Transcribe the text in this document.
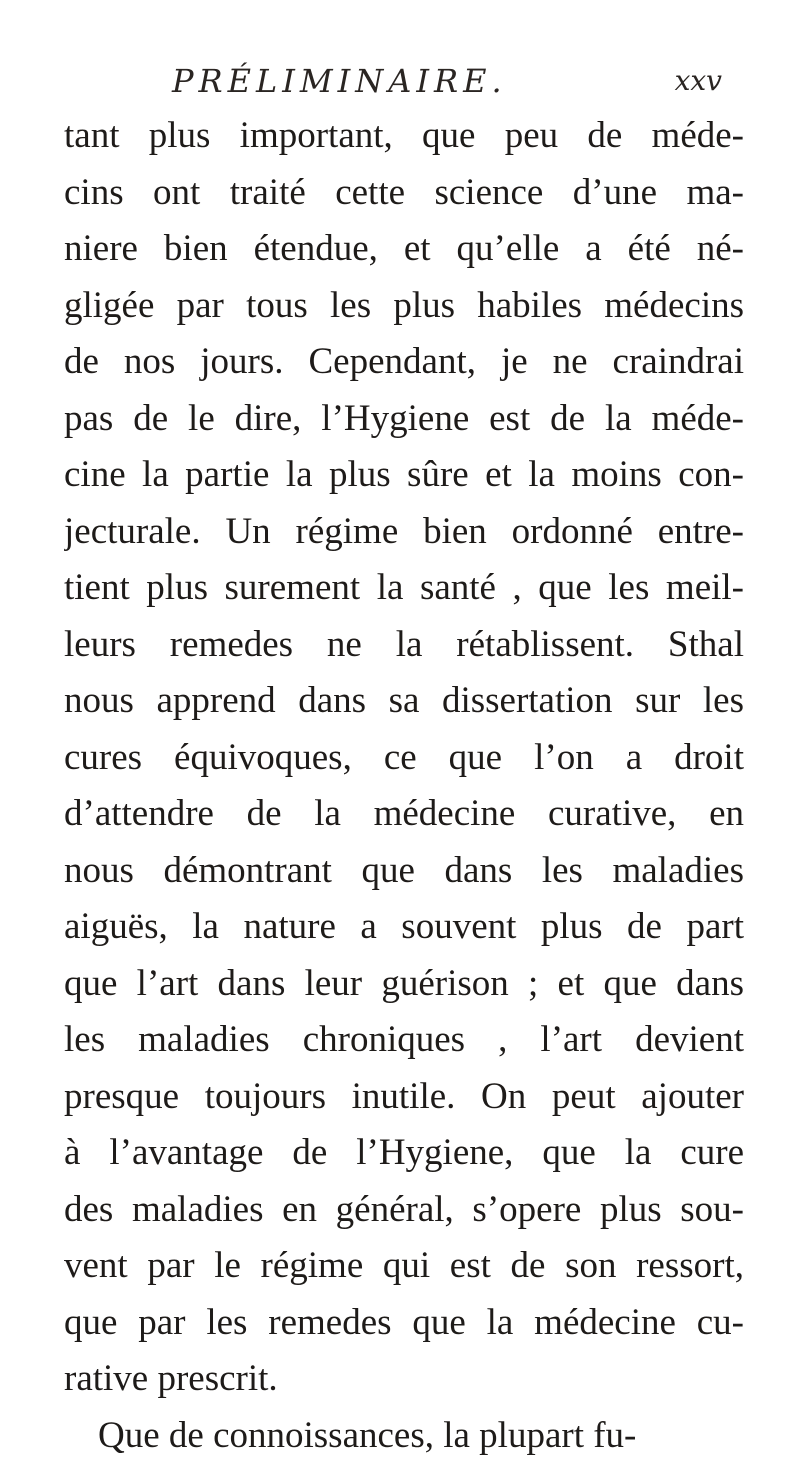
PRÉLIMINAIRE.	xxv
tant plus important, que peu de méde-
cins ont traité cette science d’une ma-
niere bien étendue, et qu’elle a été né-
gligée par tous les plus habiles médecins
de nos jours. Cependant, je ne craindrai
pas de le dire, l’Hygiene est de la méde-
cine la partie la plus sûre et la moins con-
jecturale. Un régime bien ordonné entre-
tient plus surement la santé , que les meil-
leurs remedes ne la rétablissent. Sthal
nous apprend dans sa dissertation sur les
cures équivoques, ce que l’on a droit
d’attendre de la médecine curative, en
nous démontrant que dans les maladies
aiguës, la nature a souvent plus de part
que l’art dans leur guérison ; et que dans
les maladies chroniques , l’art devient
presque toujours inutile. On peut ajouter
à l’avantage de l’Hygiene, que la cure
des maladies en général, s’opere plus sou-
vent par le régime qui est de son ressort,
que par les remedes que la médecine cu-
rative prescrit.
Que de connoissances, la plupart fu-
